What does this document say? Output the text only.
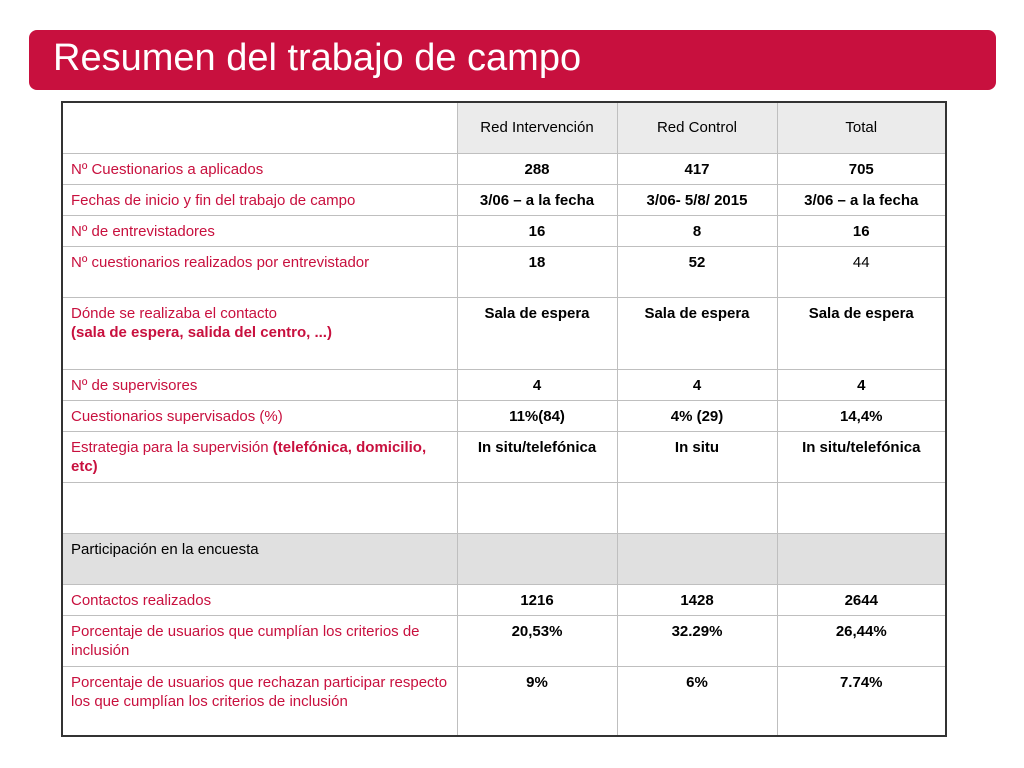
Resumen del trabajo de campo
	Red Intervención	Red Control	Total
Nº Cuestionarios a aplicados	288	417	705
Fechas de inicio y fin del trabajo de campo	3/06 – a la fecha	3/06- 5/8/ 2015	3/06 – a la fecha
Nº de entrevistadores	16	8	16
Nº cuestionarios realizados por entrevistador	18	52	44
Dónde se realizaba el contacto
(sala de espera, salida del centro, ...)	Sala de espera	Sala de espera	Sala de espera
Nº de supervisores	4	4	4
Cuestionarios supervisados (%)	11%(84)	4% (29)	14,4%
Estrategia para la supervisión (telefónica, domicilio, etc)	In situ/telefónica	In situ	In situ/telefónica

Participación en la encuesta			
Contactos realizados	1216	1428	2644
Porcentaje de usuarios que cumplían los criterios de inclusión	20,53%	32.29%	26,44%
Porcentaje de usuarios que rechazan participar respecto los que cumplían los criterios de inclusión	9%	6%	7.74%
